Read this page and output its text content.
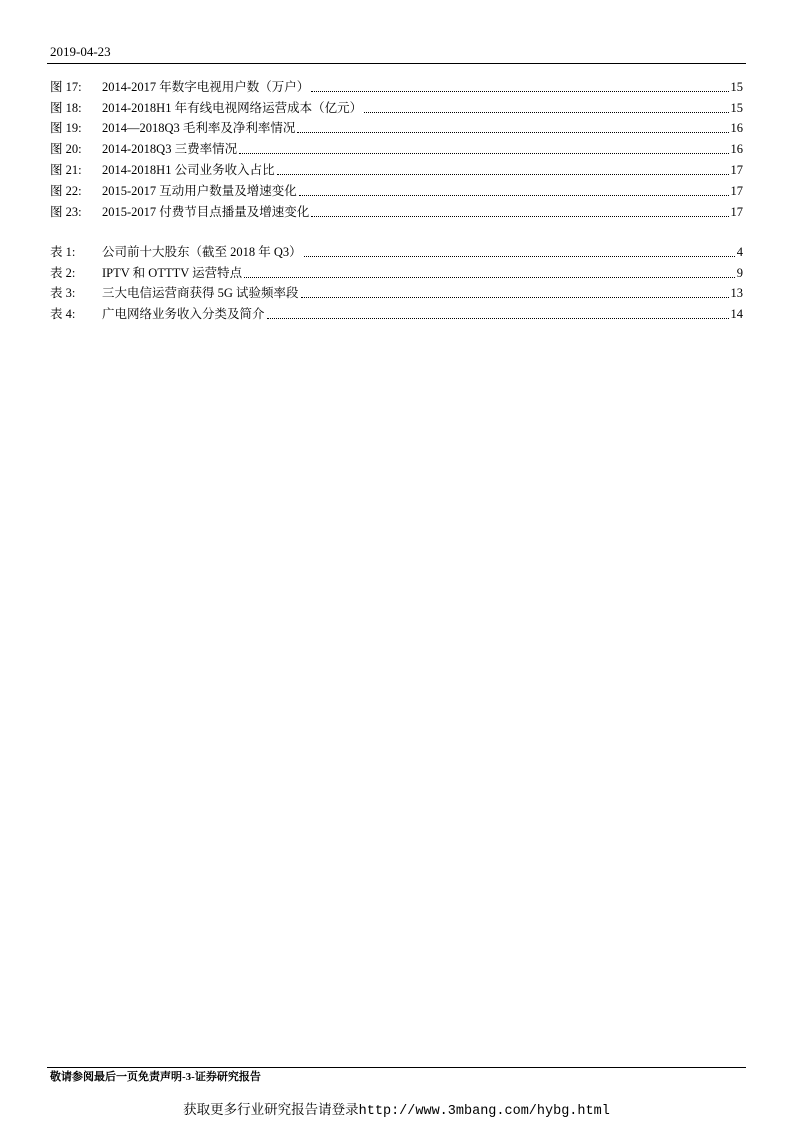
2019-04-23
图 17:	2014-2017 年数字电视用户数（万户）	15
图 18:	2014-2018H1 年有线电视网络运营成本（亿元）	15
图 19:	2014—2018Q3 毛利率及净利率情况	16
图 20:	2014-2018Q3 三费率情况	16
图 21:	2014-2018H1 公司业务收入占比	17
图 22:	2015-2017 互动用户数量及增速变化	17
图 23:	2015-2017 付费节目点播量及增速变化	17
表 1:	公司前十大股东（截至 2018 年 Q3）	4
表 2:	IPTV 和 OTTTV 运营特点	9
表 3:	三大电信运营商获得 5G 试验频率段	13
表 4:	广电网络业务收入分类及简介	14
敬请参阅最后一页免责声明-3-证券研究报告
获取更多行业研究报告请登录http://www.3mbang.com/hybg.html
